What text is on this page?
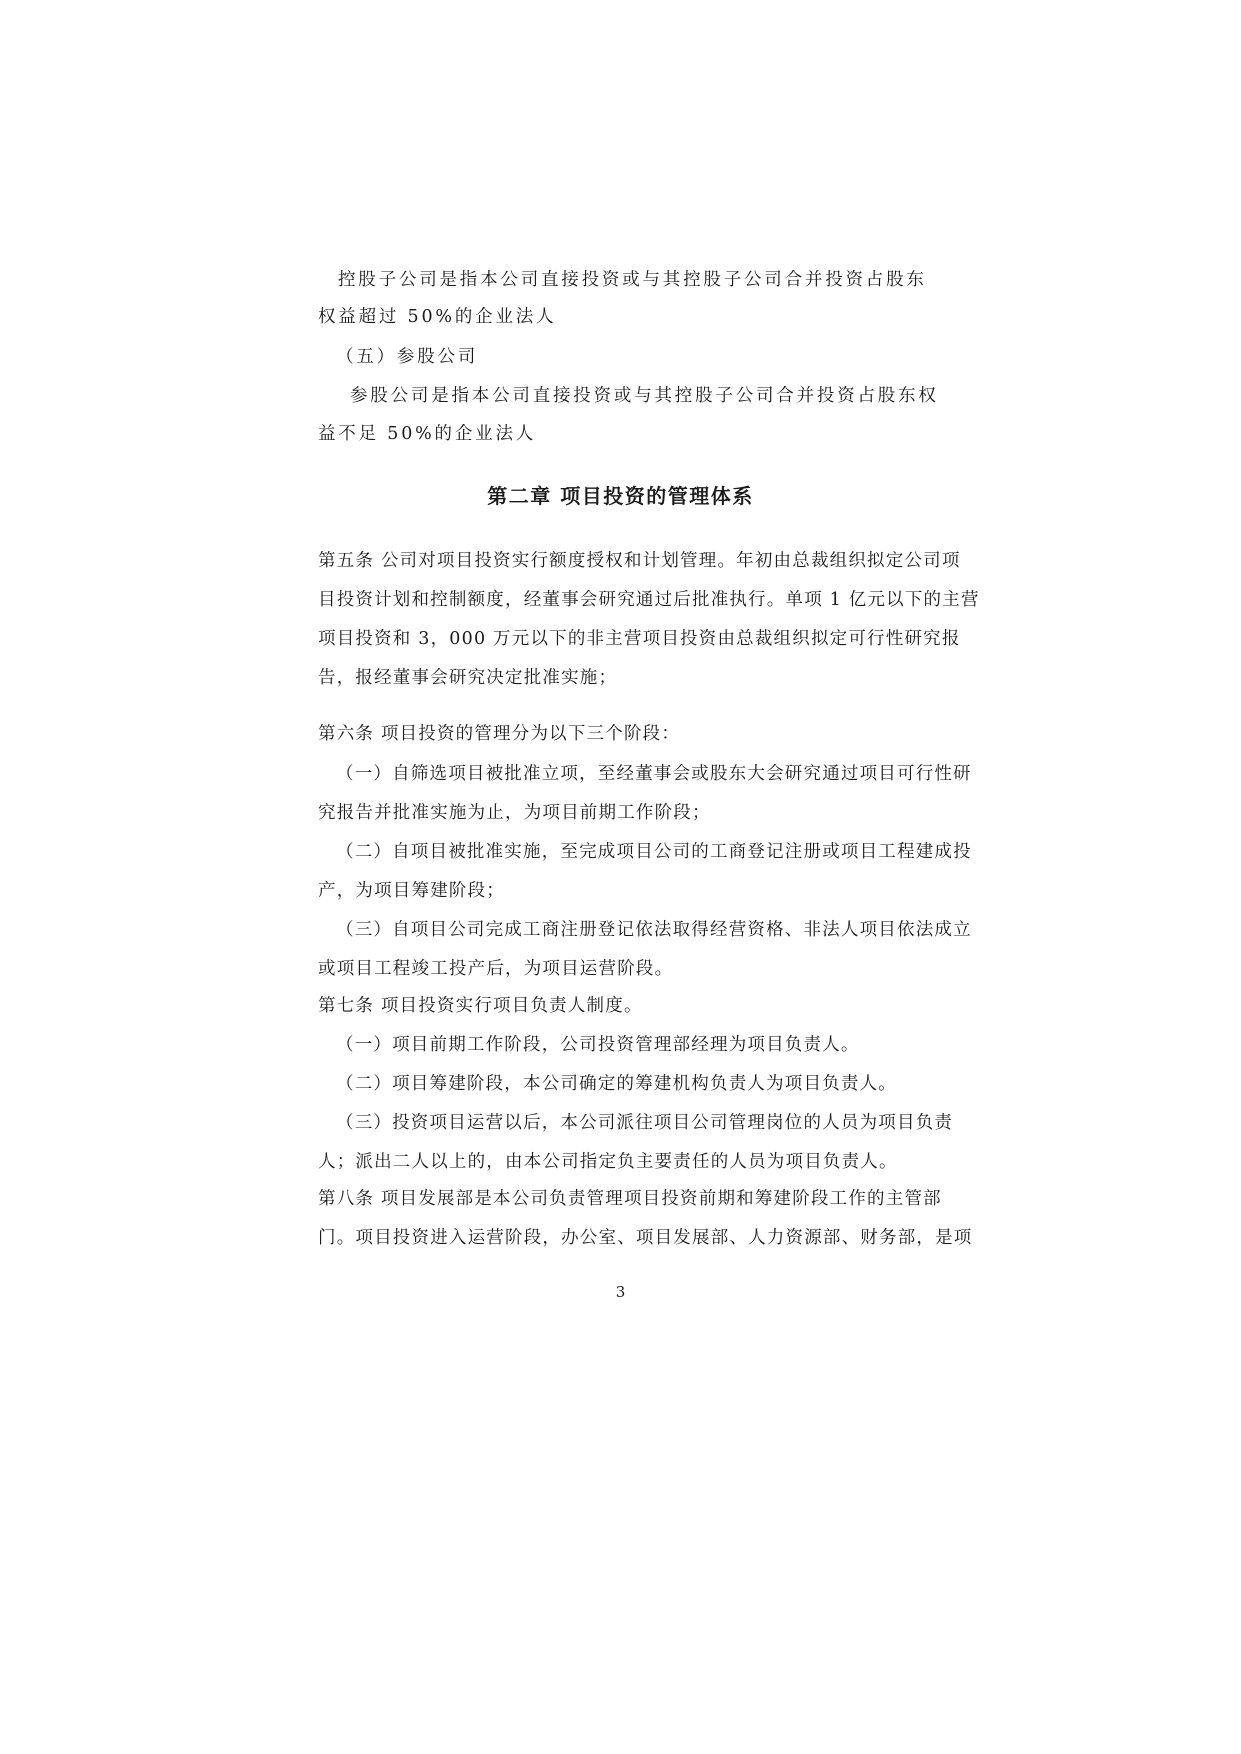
控股子公司是指本公司直接投资或与其控股子公司合并投资占股东
权益超过 50%的企业法人
（五）参股公司
参股公司是指本公司直接投资或与其控股子公司合并投资占股东权
益不足 50%的企业法人
第二章 项目投资的管理体系
第五条 公司对项目投资实行额度授权和计划管理。年初由总裁组织拟定公司项
目投资计划和控制额度，经董事会研究通过后批准执行。单项 1 亿元以下的主营
项目投资和 3，000 万元以下的非主营项目投资由总裁组织拟定可行性研究报
告，报经董事会研究决定批准实施；
第六条 项目投资的管理分为以下三个阶段：
（一）自筛选项目被批准立项，至经董事会或股东大会研究通过项目可行性研
究报告并批准实施为止，为项目前期工作阶段；
（二）自项目被批准实施，至完成项目公司的工商登记注册或项目工程建成投
产，为项目筹建阶段；
（三）自项目公司完成工商注册登记依法取得经营资格、非法人项目依法成立
或项目工程竣工投产后，为项目运营阶段。
第七条 项目投资实行项目负责人制度。
（一）项目前期工作阶段，公司投资管理部经理为项目负责人。
（二）项目筹建阶段，本公司确定的筹建机构负责人为项目负责人。
（三）投资项目运营以后，本公司派往项目公司管理岗位的人员为项目负责
人；派出二人以上的，由本公司指定负主要责任的人员为项目负责人。
第八条 项目发展部是本公司负责管理项目投资前期和筹建阶段工作的主管部
门。项目投资进入运营阶段，办公室、项目发展部、人力资源部、财务部，是项
3
